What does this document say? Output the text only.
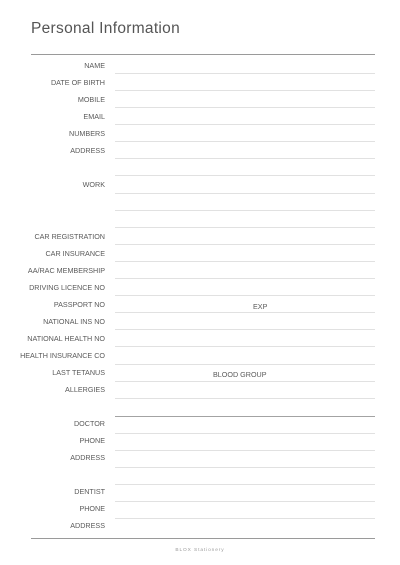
Personal Information
NAME
DATE OF BIRTH
MOBILE
EMAIL
NUMBERS
ADDRESS
WORK
CAR REGISTRATION
CAR INSURANCE
AA/RAC MEMBERSHIP
DRIVING LICENCE NO
PASSPORT NO	EXP
NATIONAL INS NO
NATIONAL HEALTH NO
HEALTH INSURANCE CO
LAST TETANUS	BLOOD GROUP
ALLERGIES
DOCTOR
PHONE
ADDRESS
DENTIST
PHONE
ADDRESS
BLOX Stationery
